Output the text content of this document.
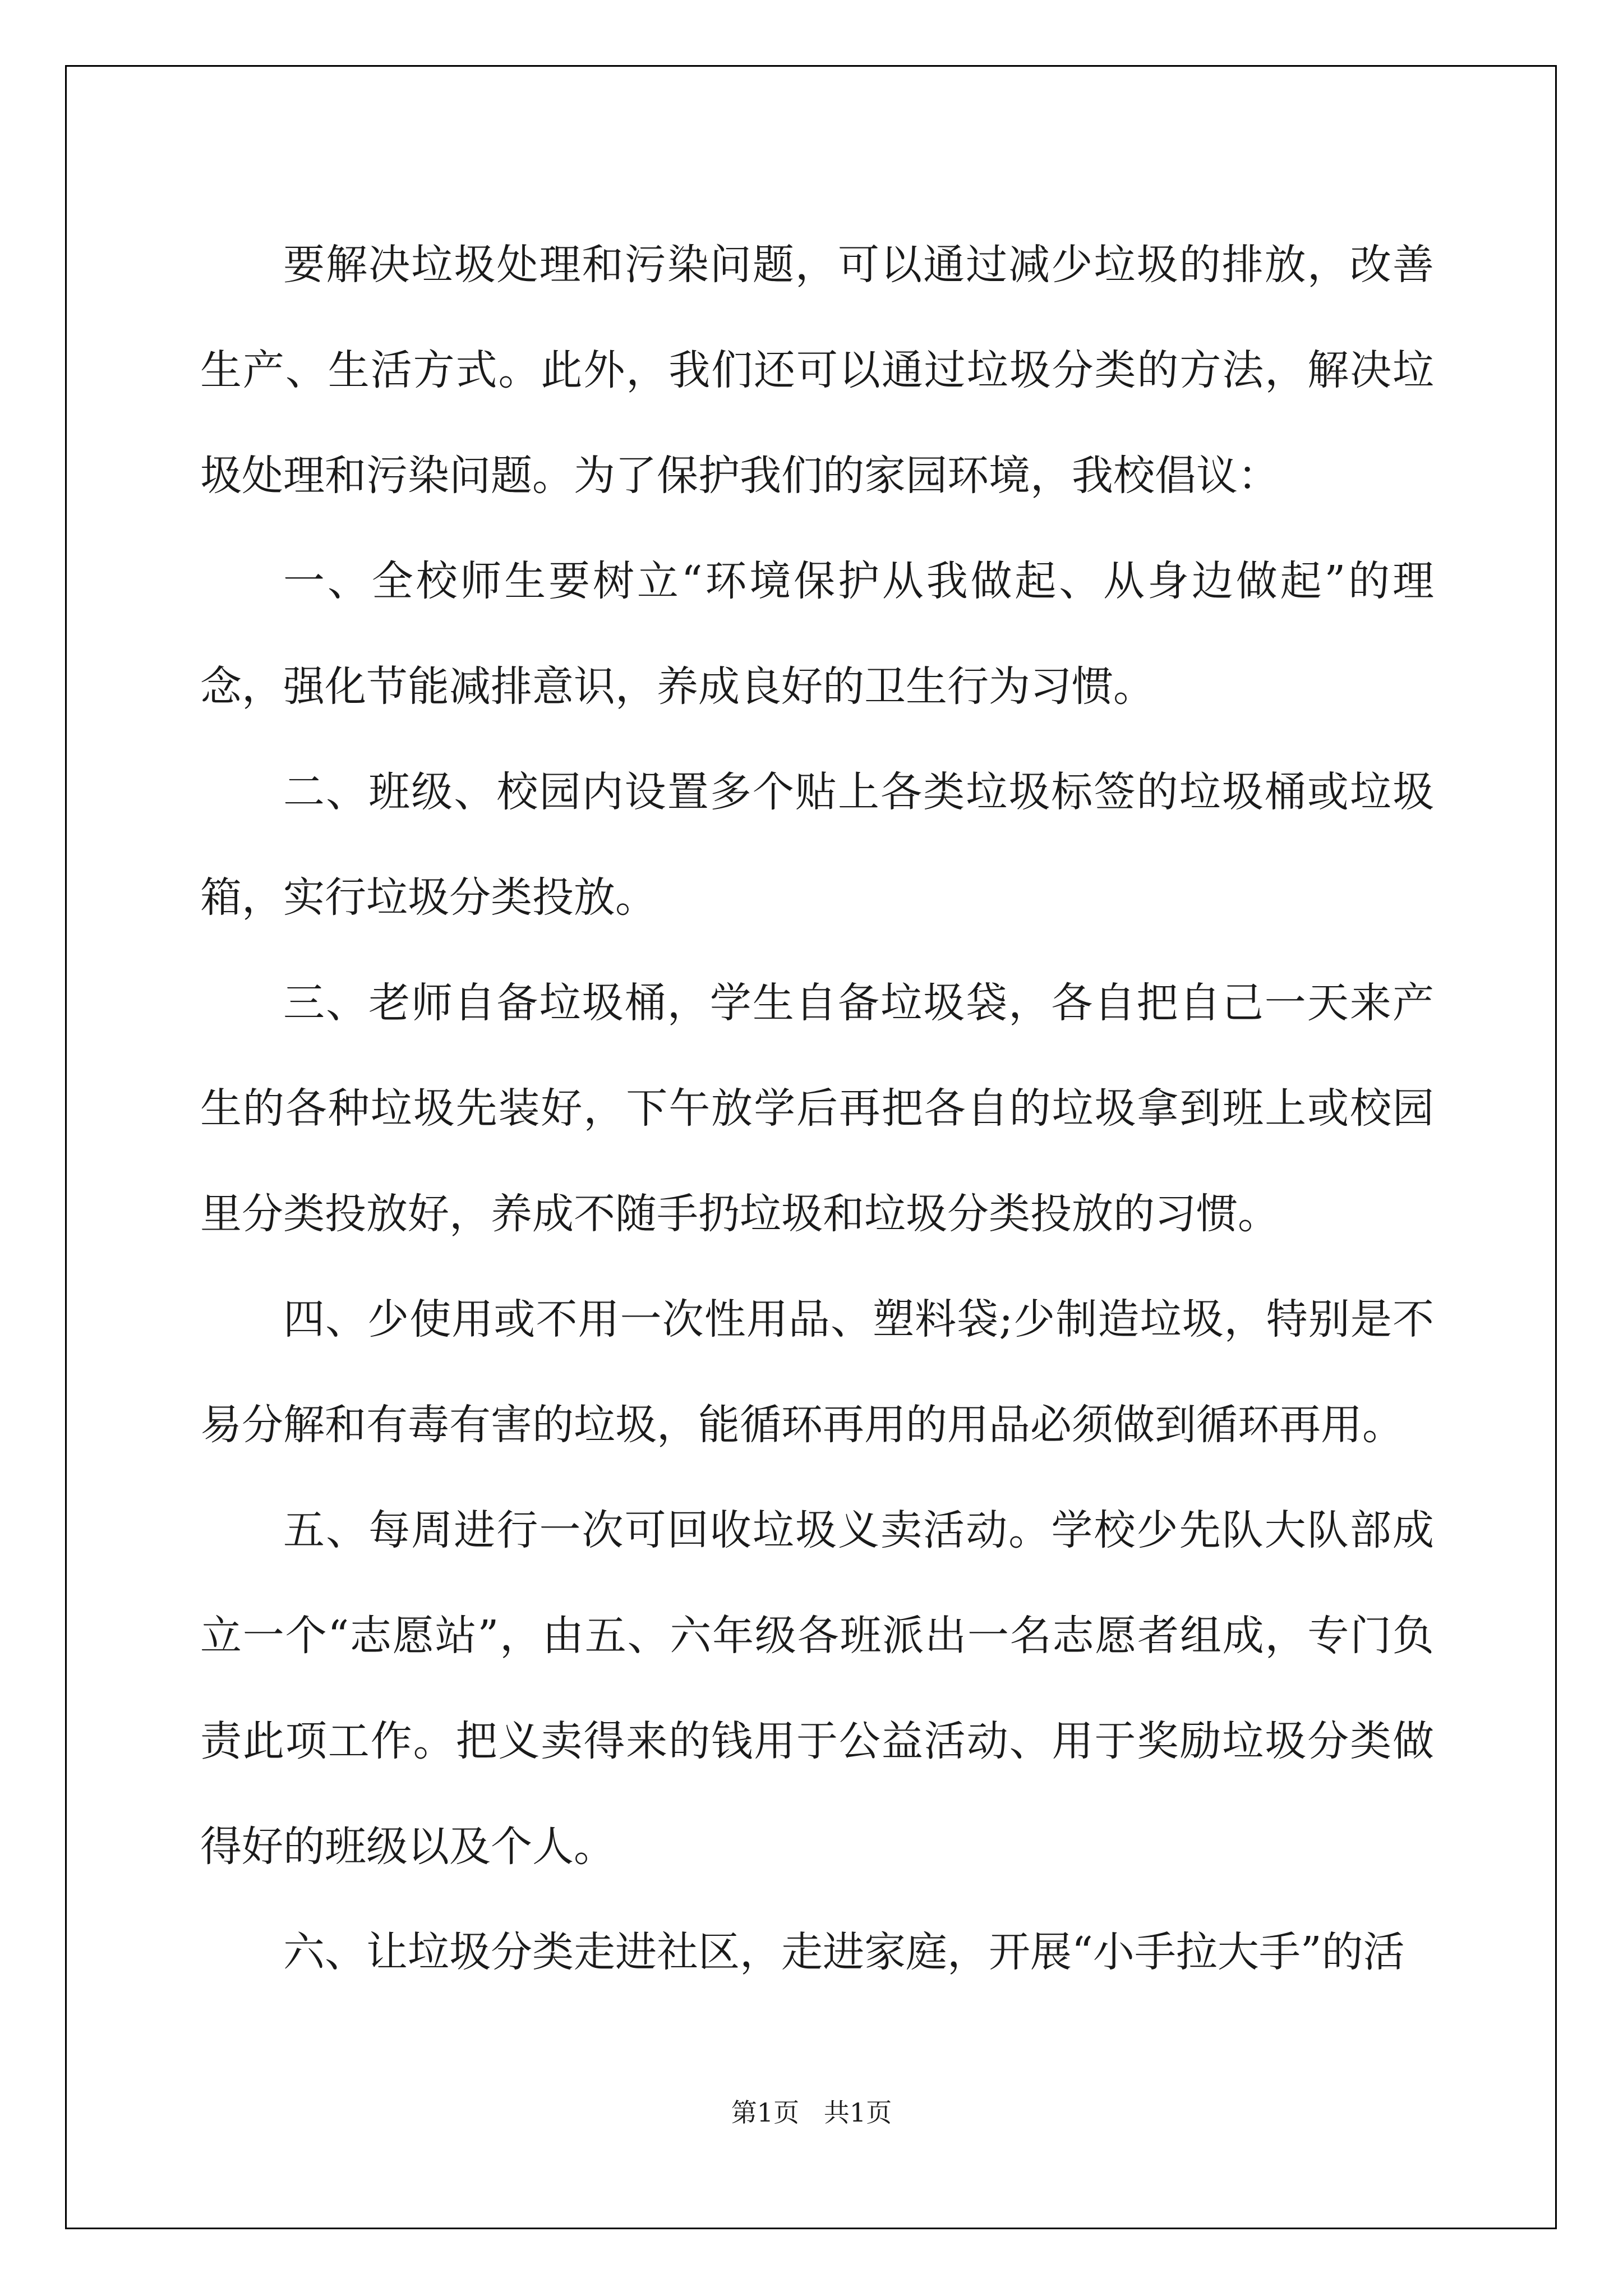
要解决垃圾处理和污染问题，可以通过减少垃圾的排放，改善生产、生活方式。此外，我们还可以通过垃圾分类的方法，解决垃圾处理和污染问题。为了保护我们的家园环境，我校倡议：

一、全校师生要树立“环境保护从我做起、从身边做起”的理念，强化节能减排意识，养成良好的卫生行为习惯。

二、班级、校园内设置多个贴上各类垃圾标签的垃圾桶或垃圾箱，实行垃圾分类投放。

三、老师自备垃圾桶，学生自备垃圾袋，各自把自己一天来产生的各种垃圾先装好，下午放学后再把各自的垃圾拿到班上或校园里分类投放好，养成不随手扔垃圾和垃圾分类投放的习惯。

四、少使用或不用一次性用品、塑料袋;少制造垃圾，特别是不易分解和有毒有害的垃圾，能循环再用的用品必须做到循环再用。

五、每周进行一次可回收垃圾义卖活动。学校少先队大队部成立一个“志愿站”，由五、六年级各班派出一名志愿者组成，专门负责此项工作。把义卖得来的钱用于公益活动、用于奖励垃圾分类做得好的班级以及个人。

六、让垃圾分类走进社区，走进家庭，开展“小手拉大手”的活

第1页   共1页
